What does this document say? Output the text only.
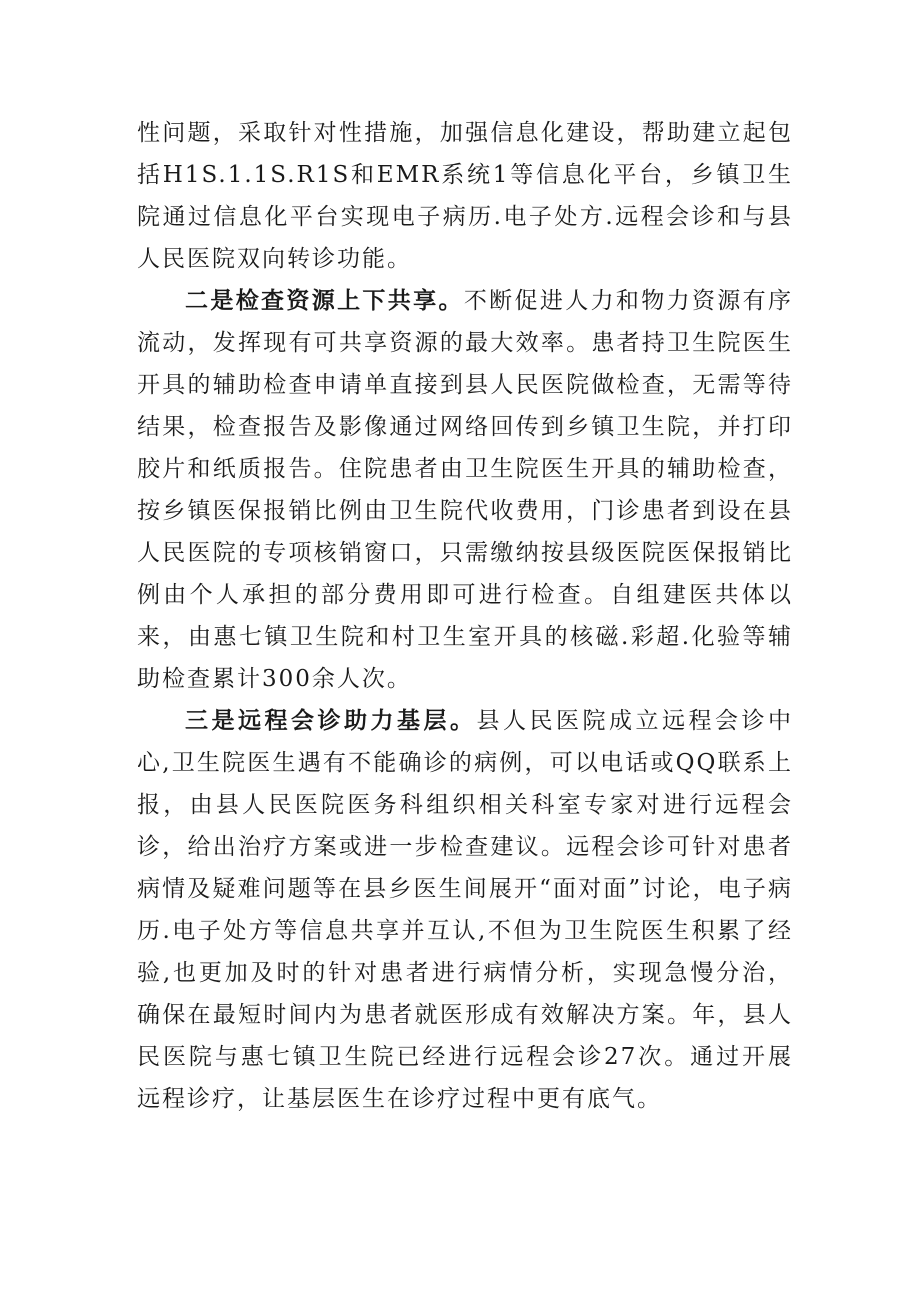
性问题，采取针对性措施，加强信息化建设，帮助建立起包括H1S.1.1S.R1S和EMR系统1等信息化平台，乡镇卫生院通过信息化平台实现电子病历.电子处方.远程会诊和与县人民医院双向转诊功能。

二是检查资源上下共享。不断促进人力和物力资源有序流动，发挥现有可共享资源的最大效率。患者持卫生院医生开具的辅助检查申请单直接到县人民医院做检查，无需等待结果，检查报告及影像通过网络回传到乡镇卫生院，并打印胶片和纸质报告。住院患者由卫生院医生开具的辅助检查，按乡镇医保报销比例由卫生院代收费用，门诊患者到设在县人民医院的专项核销窗口，只需缴纳按县级医院医保报销比例由个人承担的部分费用即可进行检查。自组建医共体以来，由惠七镇卫生院和村卫生室开具的核磁.彩超.化验等辅助检查累计300余人次。

三是远程会诊助力基层。县人民医院成立远程会诊中心,卫生院医生遇有不能确诊的病例，可以电话或QQ联系上报，由县人民医院医务科组织相关科室专家对进行远程会诊，给出治疗方案或进一步检查建议。远程会诊可针对患者病情及疑难问题等在县乡医生间展开“面对面”讨论，电子病历.电子处方等信息共享并互认,不但为卫生院医生积累了经验,也更加及时的针对患者进行病情分析，实现急慢分治，确保在最短时间内为患者就医形成有效解决方案。年，县人民医院与惠七镇卫生院已经进行远程会诊27次。通过开展远程诊疗，让基层医生在诊疗过程中更有底气。
